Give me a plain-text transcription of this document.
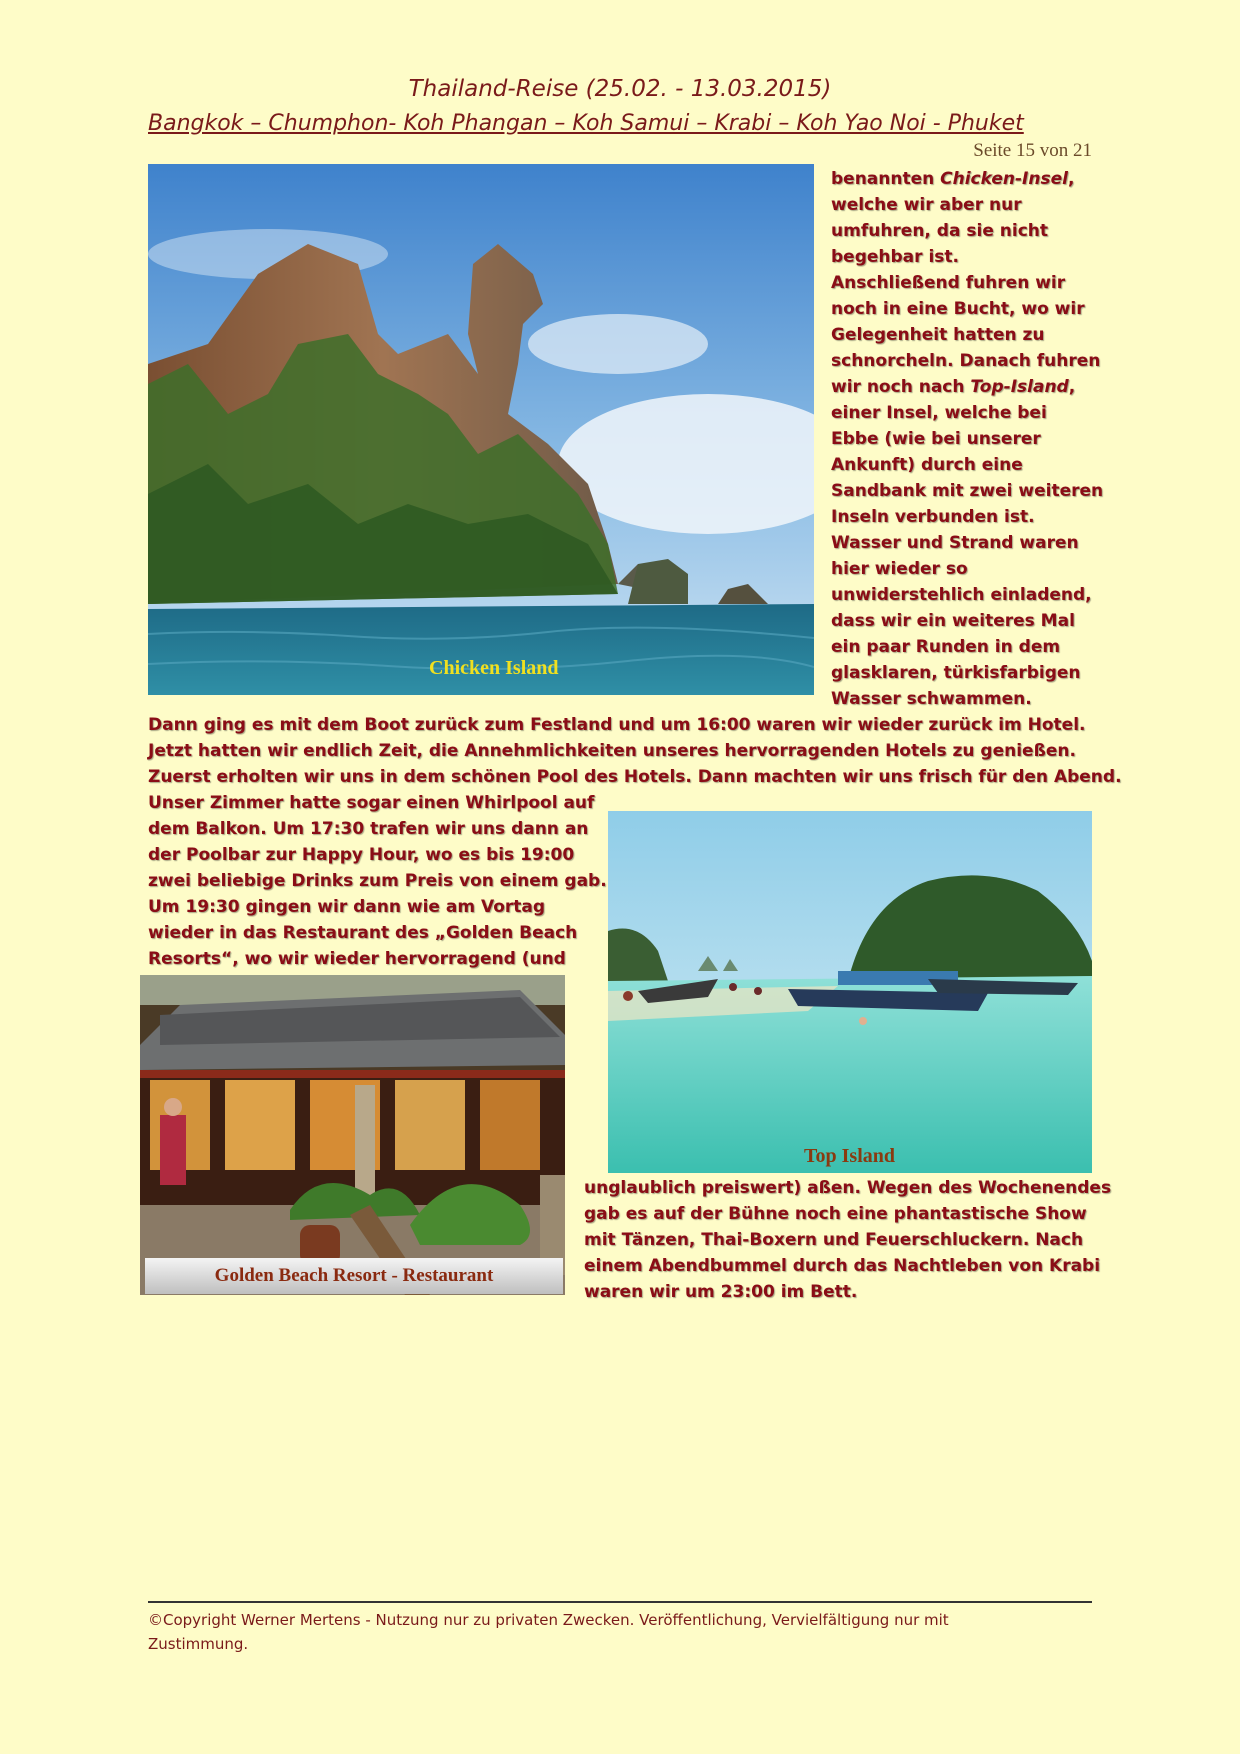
Thailand-Reise (25.02. - 13.03.2015)
Bangkok – Chumphon- Koh Phangan – Koh Samui – Krabi – Koh Yao Noi - Phuket
Seite 15 von 21
Chicken Island
benannten Chicken-Insel,
welche wir aber nur
umfuhren, da sie nicht
begehbar ist.
Anschließend fuhren wir
noch in eine Bucht, wo wir
Gelegenheit hatten zu
schnorcheln. Danach fuhren
wir noch nach Top-Island,
einer Insel, welche bei
Ebbe (wie bei unserer
Ankunft) durch eine
Sandbank mit zwei weiteren
Inseln verbunden ist.
Wasser und Strand waren
hier wieder so
unwiderstehlich einladend,
dass wir ein weiteres Mal
ein paar Runden in dem
glasklaren, türkisfarbigen
Wasser schwammen.
Dann ging es mit dem Boot zurück zum Festland und um 16:00 waren wir wieder zurück im Hotel.
Jetzt hatten wir endlich Zeit, die Annehmlichkeiten unseres hervorragenden Hotels zu genießen.
Zuerst erholten wir uns in dem schönen Pool des Hotels. Dann machten wir uns frisch für den Abend.
Unser Zimmer hatte sogar einen Whirlpool auf
dem Balkon. Um 17:30 trafen wir uns dann an
der Poolbar zur Happy Hour, wo es bis 19:00
zwei beliebige Drinks zum Preis von einem gab.
Um 19:30 gingen wir dann wie am Vortag
wieder in das Restaurant des „Golden Beach
Resorts“, wo wir wieder hervorragend (und
Top Island
Golden Beach Resort - Restaurant
unglaublich preiswert) aßen. Wegen des Wochenendes
gab es auf der Bühne noch eine phantastische Show
mit Tänzen, Thai-Boxern und Feuerschluckern. Nach
einem Abendbummel durch das Nachtleben von Krabi
waren wir um 23:00 im Bett.
©Copyright Werner Mertens - Nutzung nur zu privaten Zwecken. Veröffentlichung, Vervielfältigung nur mit
Zustimmung.
